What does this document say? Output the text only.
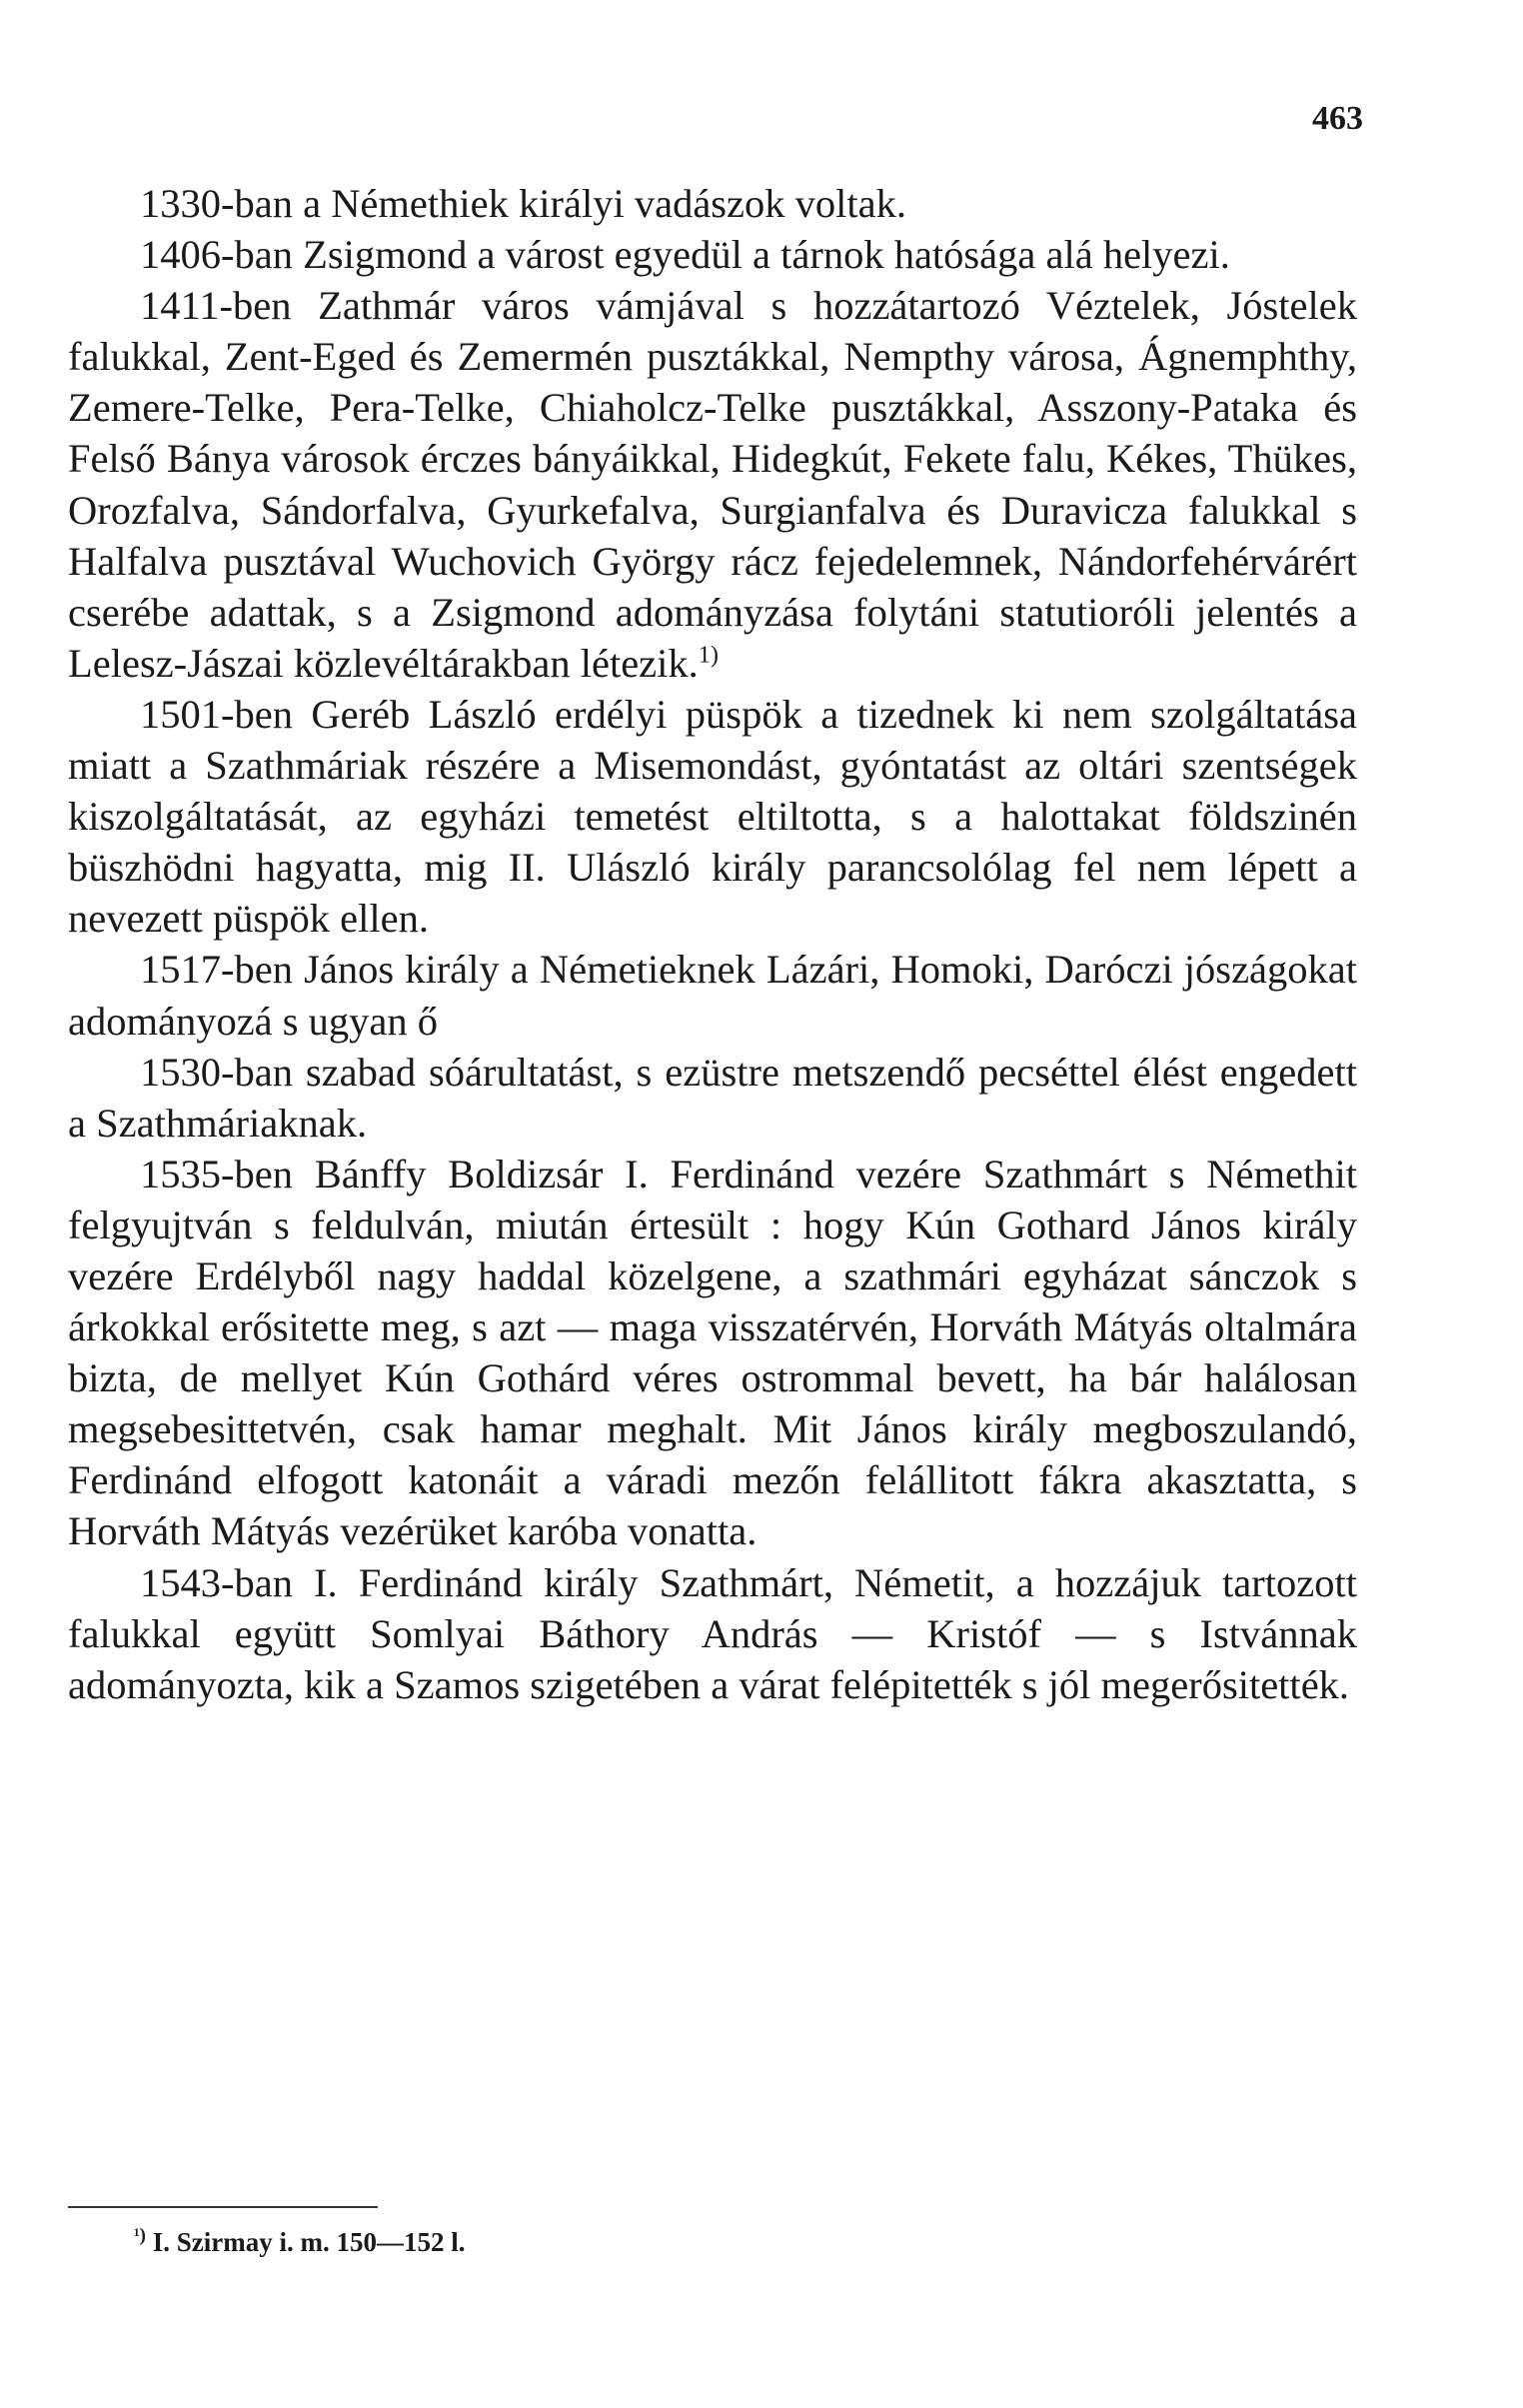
463

1330-ban a Némethiek királyi vadászok voltak.

1406-ban Zsigmond a várost egyedül a tárnok hatósága alá helyezi.

1411-ben Zathmár város vámjával s hozzátartozó Véztelek, Jóstelek falukkal, Zent-Eged és Zemermén pusztákkal, Nempthy városa, Ágnemphthy, Zemere-Telke, Pera-Telke, Chiaholcz-Telke pusztákkal, Asszony-Pataka és Felső Bánya városok érczes bányáikkal, Hidegkút, Fekete falu, Kékes, Thükes, Orozfalva, Sándorfalva, Gyurkefalva, Surgianfalva és Duravicza falukkal s Halfalva pusztával Wuchovich György rácz fejedelemnek, Nándorfehérvárért cserébe adattak, s a Zsigmond adományzása folytáni statutioróli jelentés a Lelesz-Jászai közlevéltárakban létezik.$^{1)}$

1501-ben Geréb László erdélyi püspök a tizednek ki nem szolgáltatása miatt a Szathmáriak részére a Misemondást, gyóntatást az oltári szentségek kiszolgáltatását, az egyházi temetést eltiltotta, s a halottakat földszinén büszhödni hagyatta, mig II. Ulászló király parancsolólag fel nem lépett a nevezett püspök ellen.

1517-ben János király a Németieknek Lázári, Homoki, Daróczi jószágokat adományozá s ugyan ő

1530-ban szabad sóárultatást, s ezüstre metszendő pecséttel élést engedett a Szathmáriaknak.

1535-ben Bánffy Boldizsár I. Ferdinánd vezére Szathmárt s Némethit felgyujtván s feldulván, miután értesült : hogy Kún Gothard János király vezére Erdélyből nagy haddal közelgene, a szathmári egyházat sánczok s árkokkal erősitette meg, s azt — maga visszatérvén, Horváth Mátyás oltalmára bizta, de mellyet Kún Gothárd véres ostrommal bevett, ha bár halálosan megsebesittetvén, csak hamar meghalt. Mit János király megboszulandó, Ferdinánd elfogott katonáit a váradi mezőn felállitott fákra akasztatta, s Horváth Mátyás vezérüket karóba vonatta.

1543-ban I. Ferdinánd király Szathmárt, Németit, a hozzájuk tartozott falukkal együtt Somlyai Báthory András — Kristóf — s Istvánnak adományozta, kik a Szamos szigetében a várat felépitették s jól megerősitették.

$^{^1)}$ I. Szirmay i. m. 150—152 l.
